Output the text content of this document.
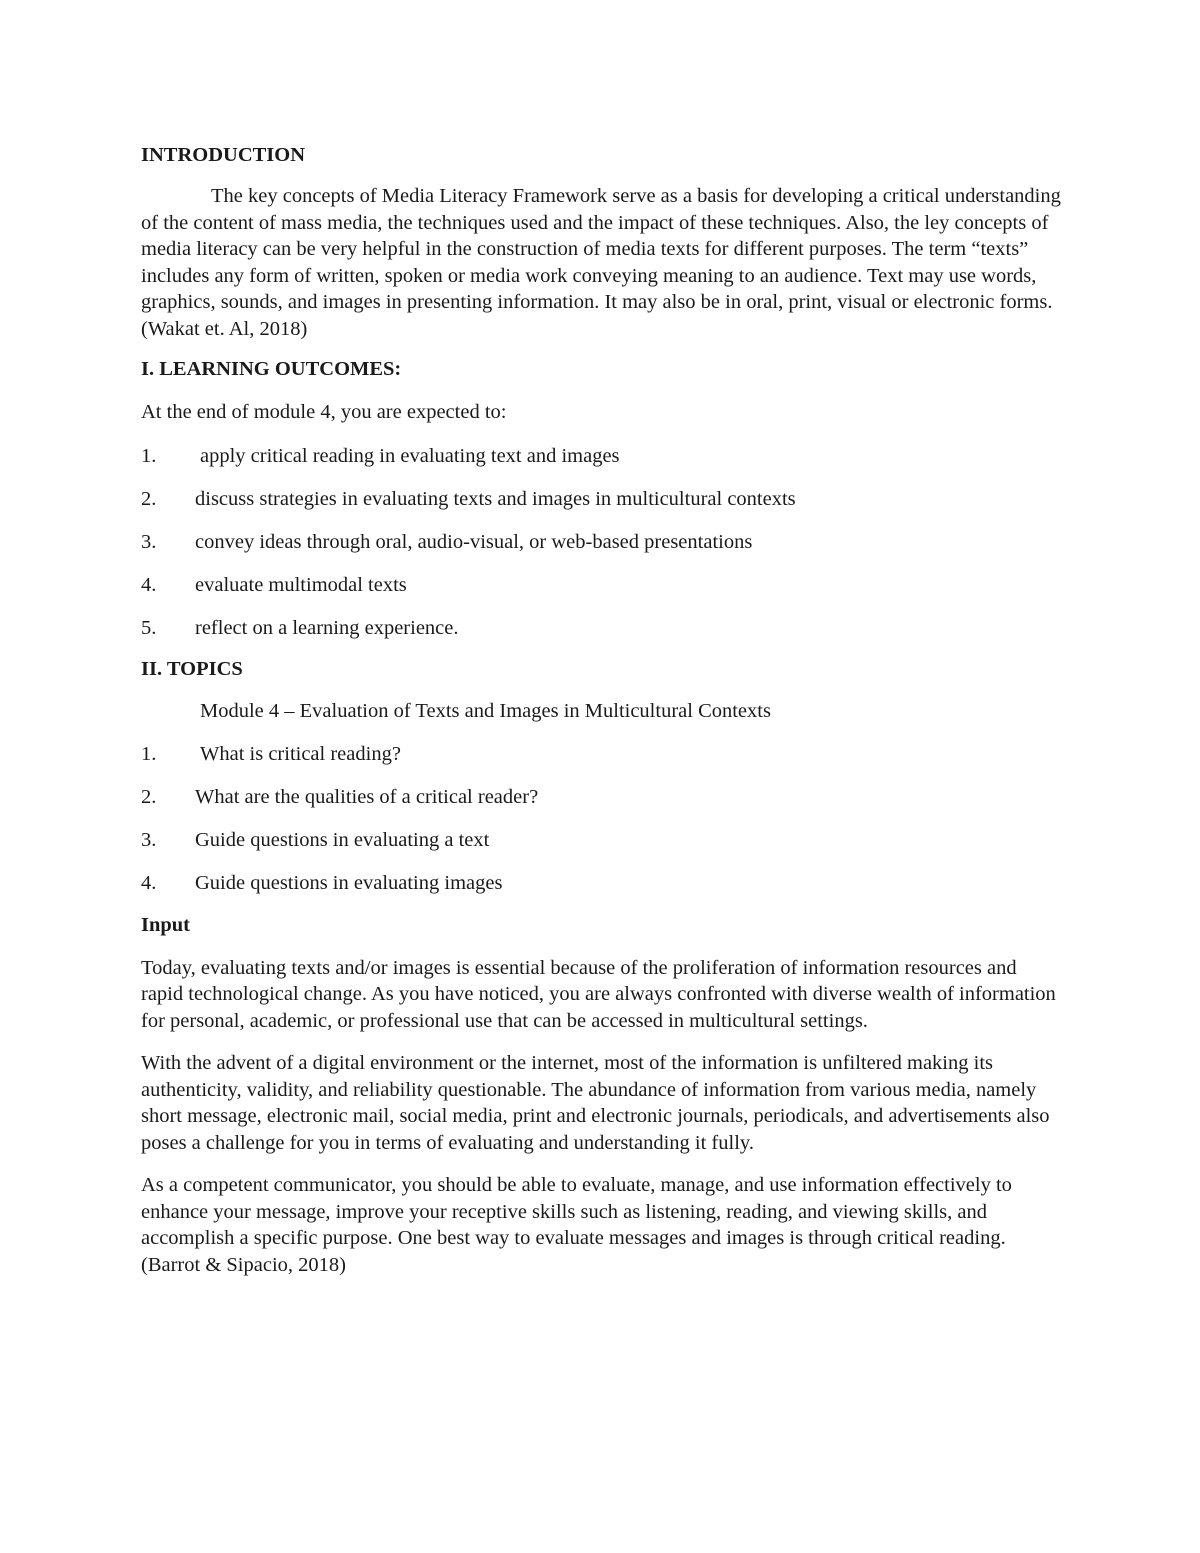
INTRODUCTION

The key concepts of Media Literacy Framework serve as a basis for developing a critical understanding of the content of mass media, the techniques used and the impact of these techniques. Also, the ley concepts of media literacy can be very helpful in the construction of media texts for different purposes. The term “texts” includes any form of written, spoken or media work conveying meaning to an audience. Text may use words, graphics, sounds, and images in presenting information. It may also be in oral, print, visual or electronic forms. (Wakat et. Al, 2018)

I. LEARNING OUTCOMES:

At the end of module 4, you are expected to:

1. apply critical reading in evaluating text and images
2. discuss strategies in evaluating texts and images in multicultural contexts
3. convey ideas through oral, audio-visual, or web-based presentations
4. evaluate multimodal texts
5. reflect on a learning experience.

II. TOPICS

Module 4 – Evaluation of Texts and Images in Multicultural Contexts

1. What is critical reading?
2. What are the qualities of a critical reader?
3. Guide questions in evaluating a text
4. Guide questions in evaluating images

Input

Today, evaluating texts and/or images is essential because of the proliferation of information resources and rapid technological change. As you have noticed, you are always confronted with diverse wealth of information for personal, academic, or professional use that can be accessed in multicultural settings.

With the advent of a digital environment or the internet, most of the information is unfiltered making its authenticity, validity, and reliability questionable. The abundance of information from various media, namely short message, electronic mail, social media, print and electronic journals, periodicals, and advertisements also poses a challenge for you in terms of evaluating and understanding it fully.

As a competent communicator, you should be able to evaluate, manage, and use information effectively to enhance your message, improve your receptive skills such as listening, reading, and viewing skills, and accomplish a specific purpose. One best way to evaluate messages and images is through critical reading. (Barrot & Sipacio, 2018)
